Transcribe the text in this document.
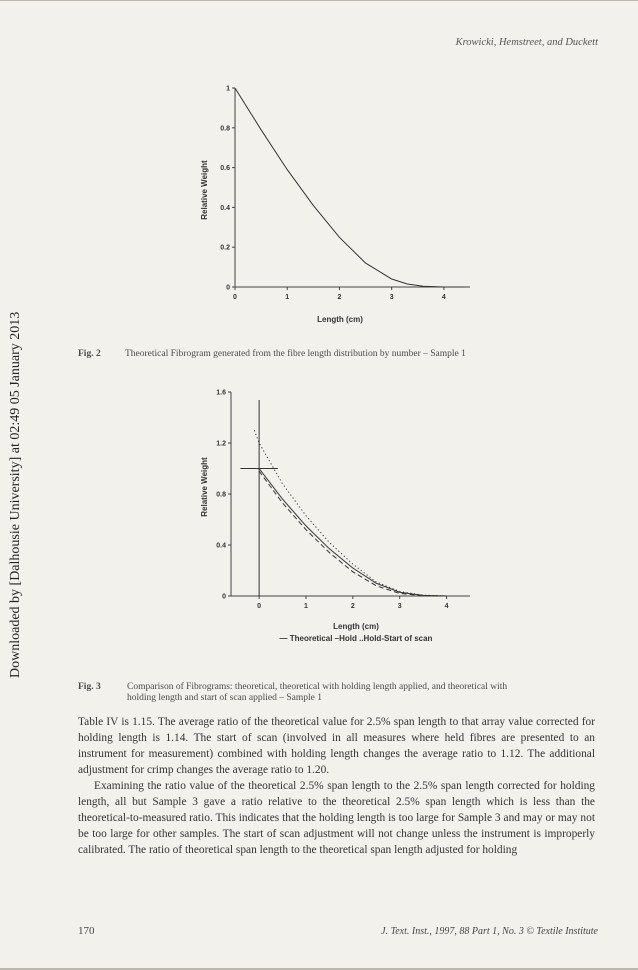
Krowicki, Hemstreet, and Duckett
Downloaded by [Dalhousie University] at 02:49 05 January 2013
0	1	2	3	4
0
0.2
0.4
0.6
0.8
1
Length (cm)
Relative Weight
Fig. 2	Theoretical Fibrogram generated from the fibre length distribution by number – Sample 1
0	1	2	3	4
0
0.4
0.8
1.2
1.6
Length (cm)
— Theoretical –Hold ..Hold-Start of scan
Relative Weight
Fig. 3	Comparison of Fibrograms: theoretical, theoretical with holding length applied, and theoretical with
holding length and start of scan applied – Sample 1

Table IV is 1.15. The average ratio of the theoretical value for 2.5% span length to that array value corrected for holding length is 1.14. The start of scan (involved in all measures where held fibres are presented to an instrument for measurement) combined with holding length changes the average ratio to 1.12. The additional adjustment for crimp changes the average ratio to 1.20.

Examining the ratio value of the theoretical 2.5% span length to the 2.5% span length corrected for holding length, all but Sample 3 gave a ratio relative to the theoretical 2.5% span length which is less than the theoretical-to-measured ratio. This indicates that the holding length is too large for Sample 3 and may or may not be too large for other samples. The start of scan adjustment will not change unless the instrument is improperly calibrated. The ratio of theoretical span length to the theoretical span length adjusted for holding

170	J. Text. Inst., 1997, 88 Part 1, No. 3 © Textile Institute
